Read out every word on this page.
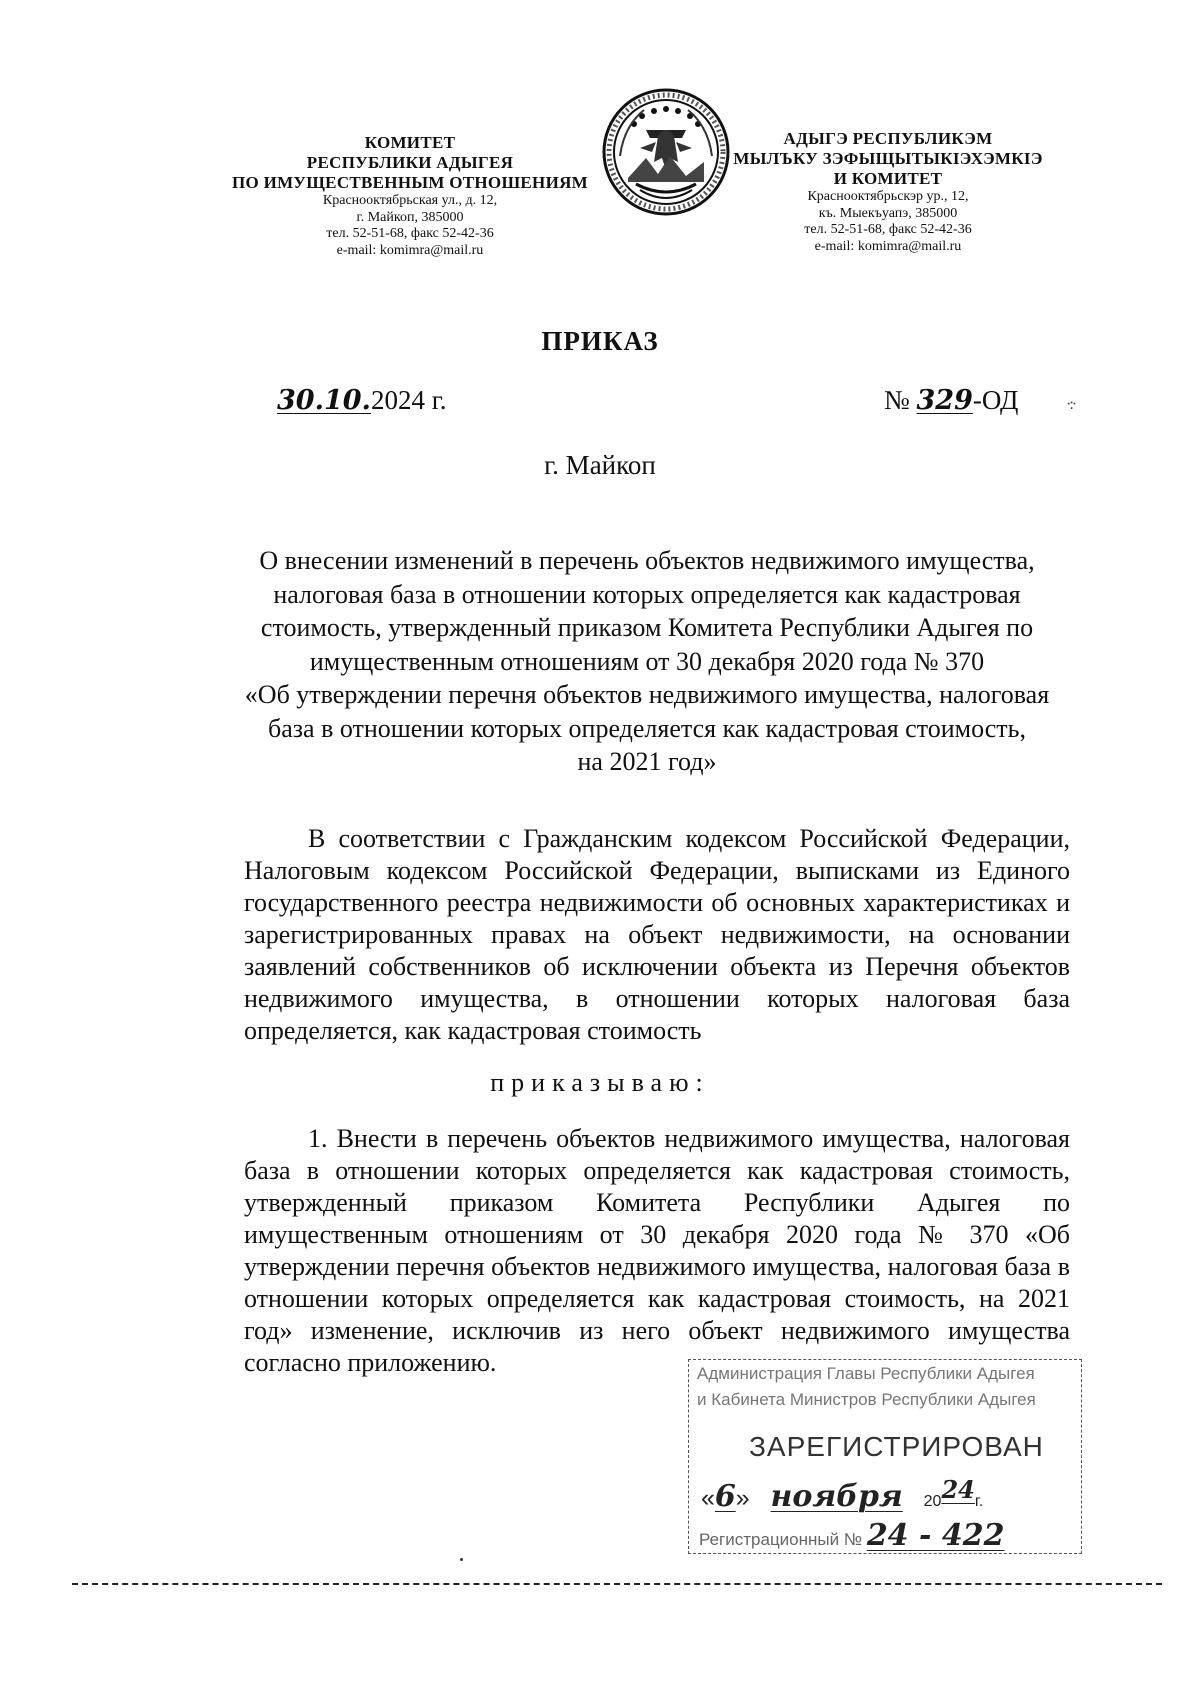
КОМИТЕТ
РЕСПУБЛИКИ АДЫГЕЯ
ПО ИМУЩЕСТВЕННЫМ ОТНОШЕНИЯМ
Краснооктябрьская ул., д. 12,
г. Майкоп, 385000
тел. 52-51-68, факс 52-42-36
e-mail: komimra@mail.ru
АДЫГЭ РЕСПУБЛИКЭМ
МЫЛЪКУ ЗЭФЫЩЫТЫКӀЭХЭМКӀЭ
И КОМИТЕТ
Краснооктябрьскэр ур., 12,
къ. Мыекъуапэ, 385000
тел. 52-51-68, факс 52-42-36
e-mail: komimra@mail.ru
ПРИКАЗ
30.10.2024 г.	№ 329-ОД	·:·
г. Майкоп
О внесении изменений в перечень объектов недвижимого имущества,
налоговая база в отношении которых определяется как кадастровая
стоимость, утвержденный приказом Комитета Республики Адыгея по
имущественным отношениям от 30 декабря 2020 года № 370
«Об утверждении перечня объектов недвижимого имущества, налоговая
база в отношении которых определяется как кадастровая стоимость,
на 2021 год»
В соответствии с Гражданским кодексом Российской Федерации, Налоговым кодексом Российской Федерации, выписками из Единого государственного реестра недвижимости об основных характеристиках и зарегистрированных правах на объект недвижимости, на основании заявлений собственников об исключении объекта из Перечня объектов недвижимого имущества, в отношении которых налоговая база определяется, как кадастровая стоимость
приказываю:
1. Внести в перечень объектов недвижимого имущества, налоговая база в отношении которых определяется как кадастровая стоимость, утвержденный приказом Комитета Республики Адыгея по имущественным отношениям от 30 декабря 2020 года № 370 «Об утверждении перечня объектов недвижимого имущества, налоговая база в отношении которых определяется как кадастровая стоимость, на 2021 год» изменение, исключив из него объект недвижимого имущества согласно приложению.	Администрация Главы Республики Адыгея
и Кабинета Министров Республики Адыгея
ЗАРЕГИСТРИРОВАН
«6» ноября 2024г.
Регистрационный № 24 - 422
